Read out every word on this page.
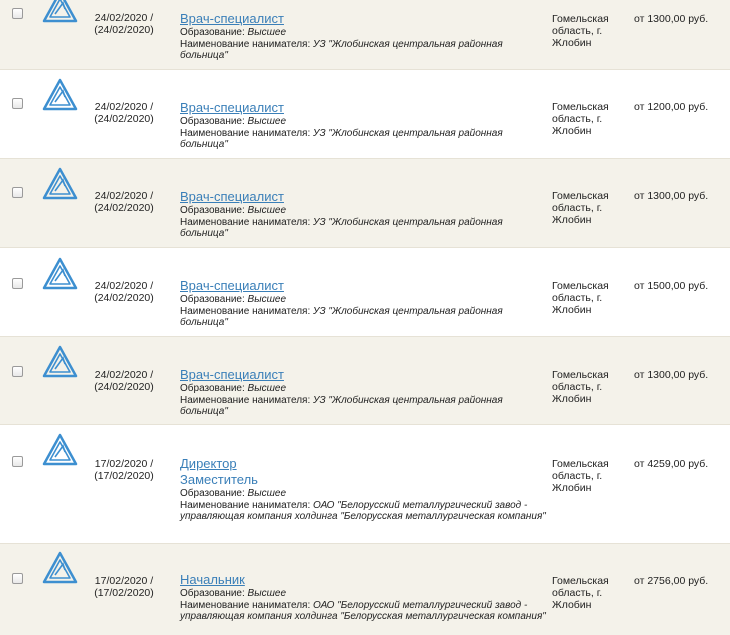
24/02/2020 /
(24/02/2020)
Врач-специалист
Образование: Высшее
Наименование нанимателя: УЗ "Жлобинская центральная районная больница"
Гомельская область, г. Жлобин
от 1300,00 руб.
24/02/2020 /
(24/02/2020)
Врач-специалист
Образование: Высшее
Наименование нанимателя: УЗ "Жлобинская центральная районная больница"
Гомельская область, г. Жлобин
от 1200,00 руб.
24/02/2020 /
(24/02/2020)
Врач-специалист
Образование: Высшее
Наименование нанимателя: УЗ "Жлобинская центральная районная больница"
Гомельская область, г. Жлобин
от 1300,00 руб.
24/02/2020 /
(24/02/2020)
Врач-специалист
Образование: Высшее
Наименование нанимателя: УЗ "Жлобинская центральная районная больница"
Гомельская область, г. Жлобин
от 1500,00 руб.
24/02/2020 /
(24/02/2020)
Врач-специалист
Образование: Высшее
Наименование нанимателя: УЗ "Жлобинская центральная районная больница"
Гомельская область, г. Жлобин
от 1300,00 руб.
17/02/2020 /
(17/02/2020)
Директор
Заместитель
Образование: Высшее
Наименование нанимателя: ОАО "Белорусский металлургический завод - управляющая компания холдинга "Белорусская металлургическая компания"
Гомельская область, г. Жлобин
от 4259,00 руб.
17/02/2020 /
(17/02/2020)
Начальник
Образование: Высшее
Наименование нанимателя: ОАО "Белорусский металлургический завод - управляющая компания холдинга "Белорусская металлургическая компания"
Гомельская область, г. Жлобин
от 2756,00 руб.
